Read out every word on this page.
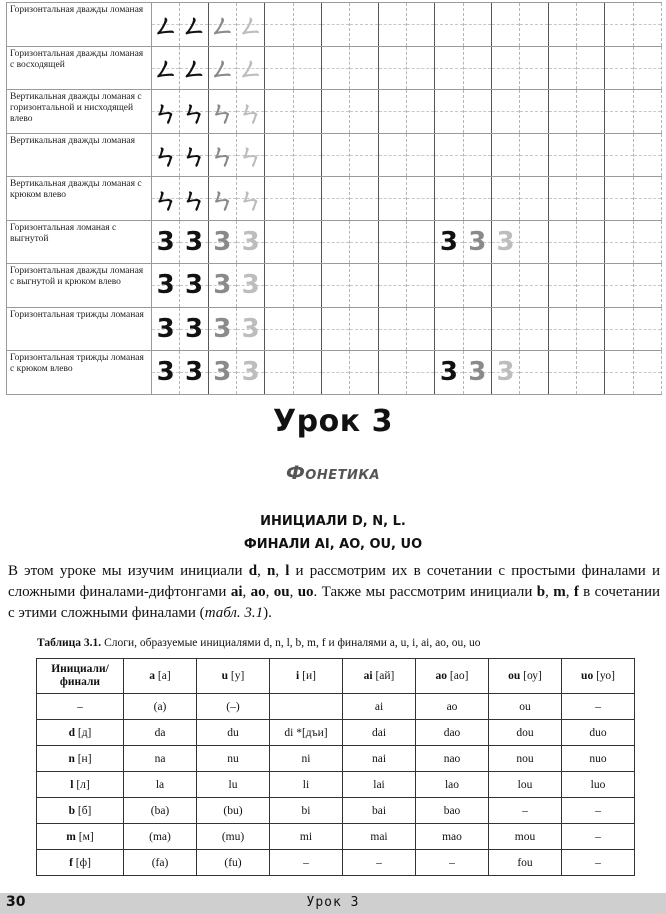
Горизонтальная дважды ломаная	ㄥ	ㄥ	ㄥ	ㄥ														

Горизонтальная дважды ломаная с восходящей	ㄥ	ㄥ	ㄥ	ㄥ														

Вертикальная дважды ломаная с горизонтальной и нисходящей влево	ㄣ	ㄣ	ㄣ	ㄣ														

Вертикальная дважды ломаная	ㄣ	ㄣ	ㄣ	ㄣ														

Вертикальная дважды ломаная с крюком влево	ㄣ	ㄣ	ㄣ	ㄣ														

Горизонтальная ломаная с выгнутой	3	3	3	3							3	3	3					

Горизонтальная дважды ломаная с выгнутой и крюком влево	3	3	3	3														

Горизонтальная трижды ломаная	3	3	3	3														

Горизонтальная трижды ломаная с крюком влево	3	3	3	3							3	3	3					

Урок 3
Фонетика
ИНИЦИАЛИ D, N, L.
ФИНАЛИ AI, AO, OU, UO
В этом уроке мы изучим инициали d, n, l и рассмотрим их в сочетании с простыми финалами и сложными финалами-дифтонгами ai, ao, ou, uo. Также мы рассмотрим инициали b, m, f в сочетании с этими сложными финалами (табл. 3.1).
Таблица 3.1. Слоги, образуемые инициалями d, n, l, b, m, f и финалями a, u, i, ai, ao, ou, uo
Инициали/ финали	a [а]	u [у]	i [и]	ai [ай]	ao [ао]	ou [оу]	uo [уо]
–	(a)	(–)		ai	ao	ou	–
d [д]	da	du	di *[дъи]	dai	dao	dou	duo
n [н]	na	nu	ni	nai	nao	nou	nuo
l [л]	la	lu	li	lai	lao	lou	luo
b [б]	(ba)	(bu)	bi	bai	bao	–	–
m [м]	(ma)	(mu)	mi	mai	mao	mou	–
f [ф]	(fa)	(fu)	–	–	–	fou	–
30	Урок 3
